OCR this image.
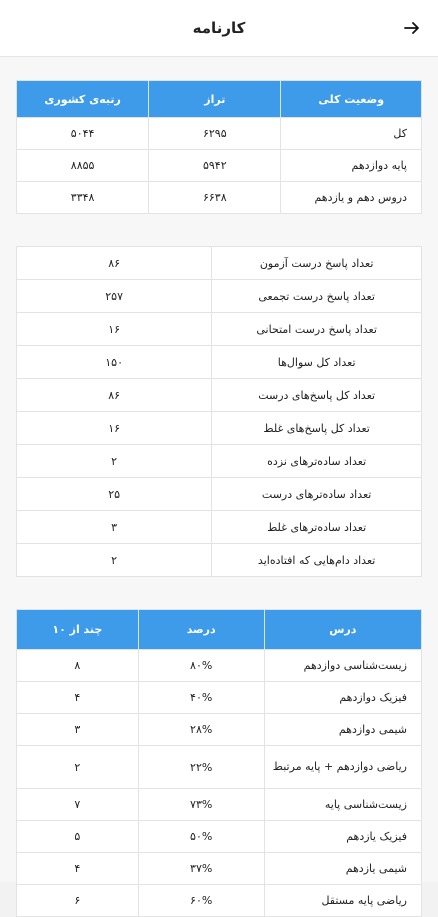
کارنامه
وضعیت کلی	تراز	رتبه‌ی کشوری
کل	۶۲۹۵	۵۰۴۴
پایه دوازدهم	۵۹۴۲	۸۸۵۵
دروس دهم و یازدهم	۶۶۳۸	۳۳۴۸
تعداد پاسخ درست آزمون	۸۶
تعداد پاسخ درست تجمعی	۲۵۷
تعداد پاسخ درست امتحانی	۱۶
تعداد کل سوال‌ها	۱۵۰
تعداد کل پاسخ‌های درست	۸۶
تعداد کل پاسخ‌های غلط	۱۶
تعداد ساده‌ترهای نزده	۲
تعداد ساده‌ترهای درست	۲۵
تعداد ساده‌ترهای غلط	۳
تعداد دام‌هایی که افتاده‌اید	۲
درس	درصد	چند از ۱۰
زیست‌شناسی دوازدهم	۸۰%	۸
فیزیک دوازدهم	۴۰%	۴
شیمی دوازدهم	۲۸%	۳
ریاضی دوازدهم + پایه مرتبط	۲۲%	۲
زیست‌شناسی پایه	۷۳%	۷
فیزیک یازدهم	۵۰%	۵
شیمی یازدهم	۳۷%	۴
ریاضی پایه مستقل	۶۰%	۶
